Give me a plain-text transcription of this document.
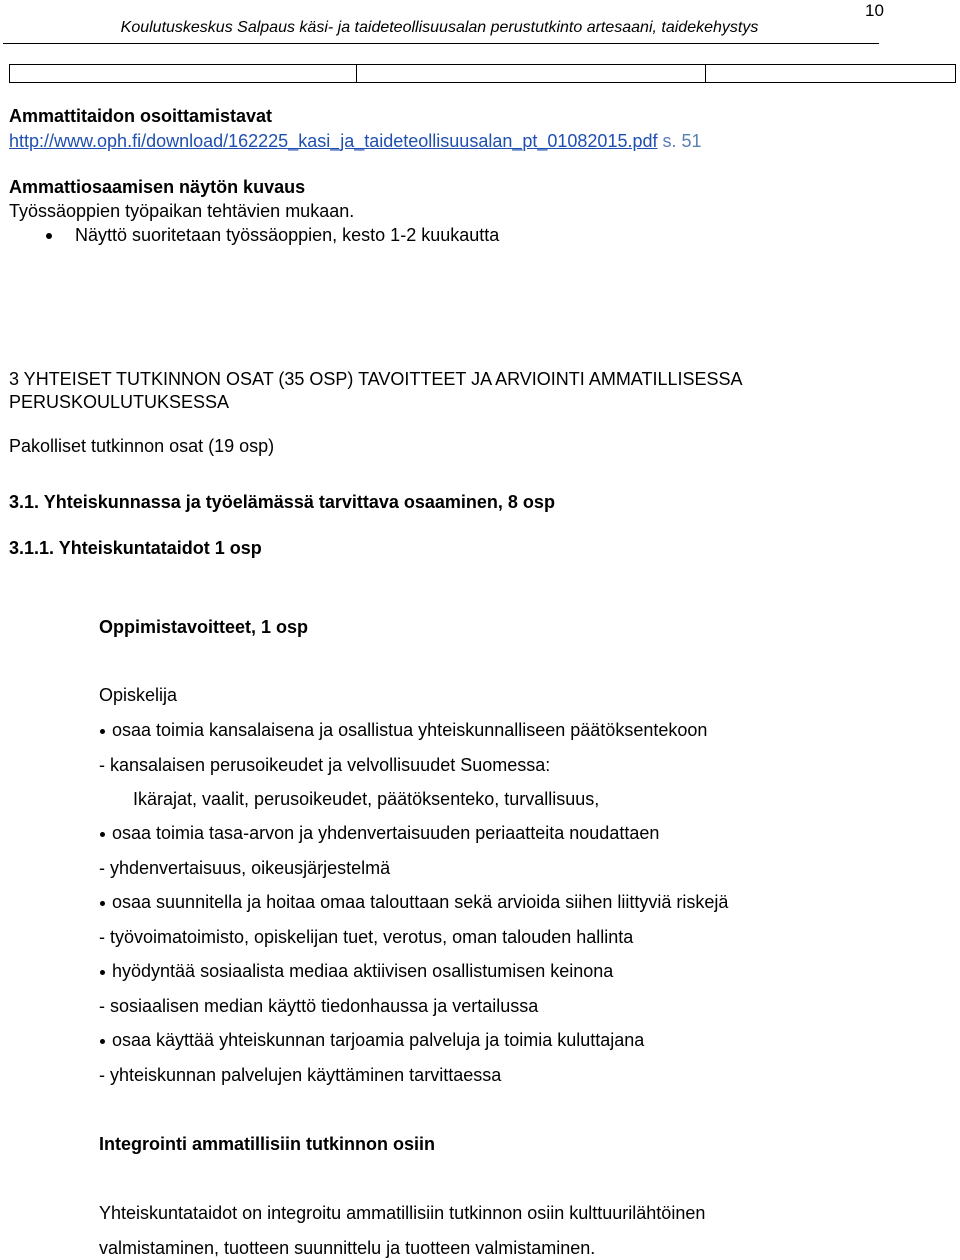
10
Koulutuskeskus Salpaus käsi- ja taideteollisuusalan perustutkinto artesaani, taidekehystys
Ammattitaidon osoittamistavat
http://www.oph.fi/download/162225_kasi_ja_taideteollisuusalan_pt_01082015.pdf s. 51
Ammattiosaamisen näytön kuvaus
Työssäoppien työpaikan tehtävien mukaan.
Näyttö suoritetaan työssäoppien, kesto 1-2 kuukautta
3 YHTEISET TUTKINNON OSAT (35 OSP) TAVOITTEET JA ARVIOINTI AMMATILLISESSA
PERUSKOULUTUKSESSA
Pakolliset tutkinnon osat (19 osp)
3.1. Yhteiskunnassa ja työelämässä tarvittava osaaminen, 8 osp
3.1.1. Yhteiskuntataidot 1 osp
Oppimistavoitteet, 1 osp
Opiskelija
osaa toimia kansalaisena ja osallistua yhteiskunnalliseen päätöksentekoon
- kansalaisen perusoikeudet ja velvollisuudet Suomessa:
Ikärajat, vaalit, perusoikeudet, päätöksenteko, turvallisuus,
osaa toimia tasa-arvon ja yhdenvertaisuuden periaatteita noudattaen
- yhdenvertaisuus, oikeusjärjestelmä
osaa suunnitella ja hoitaa omaa talouttaan sekä arvioida siihen liittyviä riskejä
- työvoimatoimisto, opiskelijan tuet, verotus, oman talouden hallinta
hyödyntää sosiaalista mediaa aktiivisen osallistumisen keinona
- sosiaalisen median käyttö tiedonhaussa ja vertailussa
osaa käyttää yhteiskunnan tarjoamia palveluja ja toimia kuluttajana
- yhteiskunnan palvelujen käyttäminen tarvittaessa
Integrointi ammatillisiin tutkinnon osiin
Yhteiskuntataidot on integroitu ammatillisiin tutkinnon osiin kulttuurilähtöinen
valmistaminen, tuotteen suunnittelu ja tuotteen valmistaminen.
